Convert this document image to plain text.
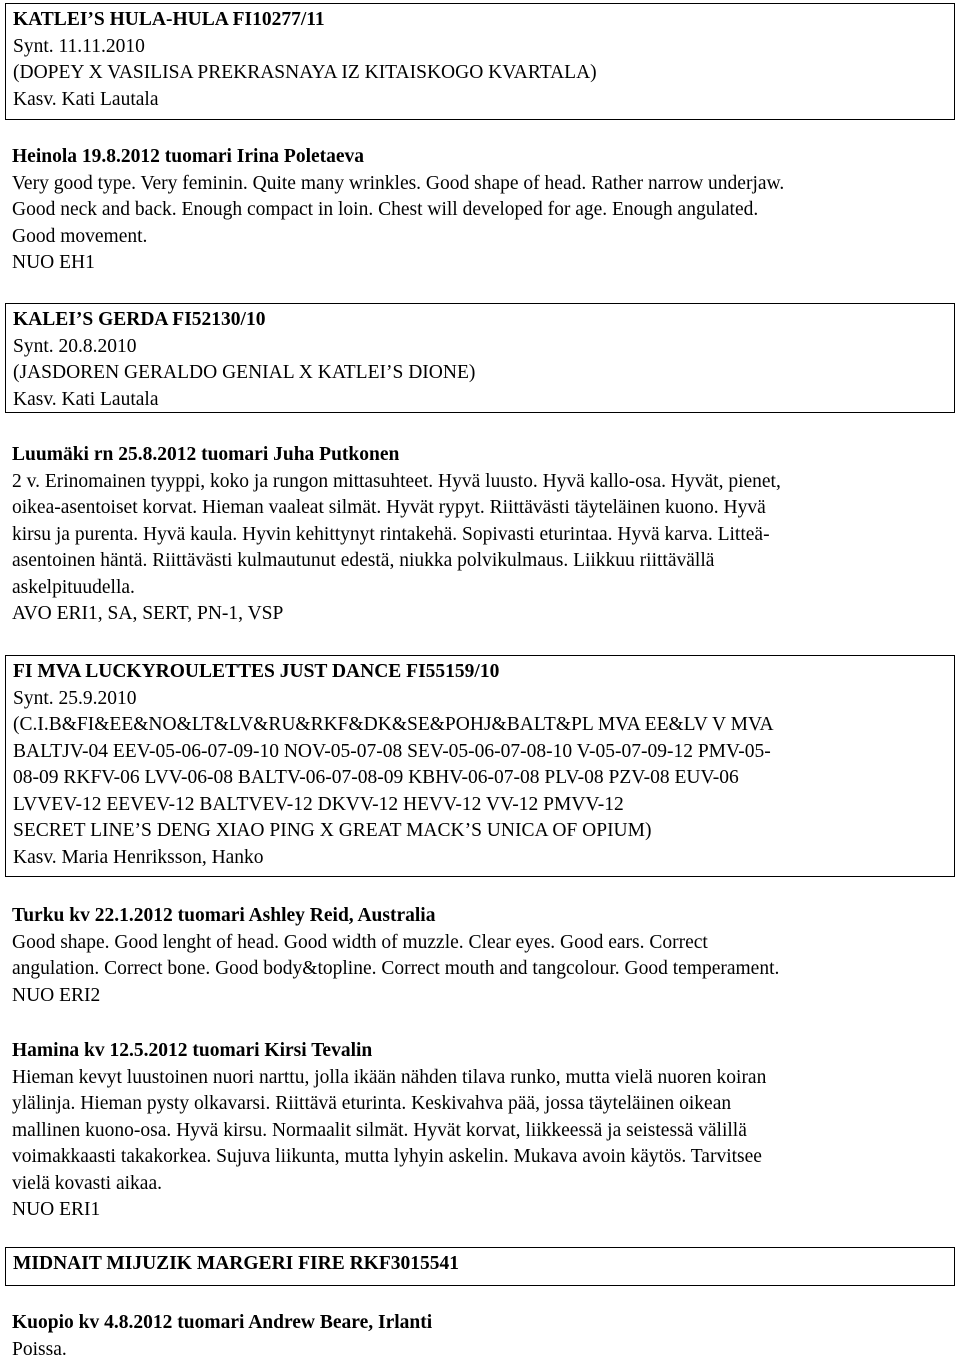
KATLEI’S HULA-HULA FI10277/11
Synt. 11.11.2010
(DOPEY X VASILISA PREKRASNAYA IZ KITAISKOGO KVARTALA)
Kasv. Kati Lautala
Heinola 19.8.2012 tuomari Irina Poletaeva
Very good type. Very feminin. Quite many wrinkles. Good shape of head. Rather narrow underjaw.
Good neck and back. Enough compact in loin. Chest will developed for age. Enough angulated.
Good movement.
NUO EH1
KALEI’S GERDA FI52130/10
Synt. 20.8.2010
(JASDOREN GERALDO GENIAL X KATLEI’S DIONE)
Kasv. Kati Lautala
Luumäki rn 25.8.2012 tuomari Juha Putkonen
2 v. Erinomainen tyyppi, koko ja rungon mittasuhteet. Hyvä luusto. Hyvä kallo-osa. Hyvät, pienet,
oikea-asentoiset korvat. Hieman vaaleat silmät. Hyvät rypyt. Riittävästi täyteläinen kuono. Hyvä
kirsu ja purenta. Hyvä kaula. Hyvin kehittynyt rintakehä. Sopivasti eturintaa. Hyvä karva. Litteä-
asentoinen häntä. Riittävästi kulmautunut edestä, niukka polvikulmaus. Liikkuu riittävällä
askelpituudella.
AVO ERI1, SA, SERT, PN-1, VSP
FI MVA LUCKYROULETTES JUST DANCE FI55159/10
Synt. 25.9.2010
(C.I.B&FI&EE&NO&LT&LV&RU&RKF&DK&SE&POHJ&BALT&PL MVA EE&LV V MVA
BALTJV-04 EEV-05-06-07-09-10 NOV-05-07-08 SEV-05-06-07-08-10 V-05-07-09-12 PMV-05-
08-09 RKFV-06 LVV-06-08 BALTV-06-07-08-09 KBHV-06-07-08 PLV-08 PZV-08 EUV-06
LVVEV-12 EEVEV-12 BALTVEV-12 DKVV-12 HEVV-12 VV-12 PMVV-12
SECRET LINE’S DENG XIAO PING X GREAT MACK’S UNICA OF OPIUM)
Kasv. Maria Henriksson, Hanko
Turku kv 22.1.2012 tuomari Ashley Reid, Australia
Good shape. Good lenght of head. Good width of muzzle. Clear eyes. Good ears. Correct
angulation. Correct bone. Good body&topline. Correct mouth and tangcolour. Good temperament.
NUO ERI2
Hamina kv 12.5.2012 tuomari Kirsi Tevalin
Hieman kevyt luustoinen nuori narttu, jolla ikään nähden tilava runko, mutta vielä nuoren koiran
ylälinja. Hieman pysty olkavarsi. Riittävä eturinta. Keskivahva pää, jossa täyteläinen oikean
mallinen kuono-osa. Hyvä kirsu. Normaalit silmät. Hyvät korvat, liikkeessä ja seistessä välillä
voimakkaasti takakorkea. Sujuva liikunta, mutta lyhyin askelin. Mukava avoin käytös. Tarvitsee
vielä kovasti aikaa.
NUO ERI1
MIDNAIT MIJUZIK MARGERI FIRE RKF3015541
Kuopio kv 4.8.2012 tuomari Andrew Beare, Irlanti
Poissa.
